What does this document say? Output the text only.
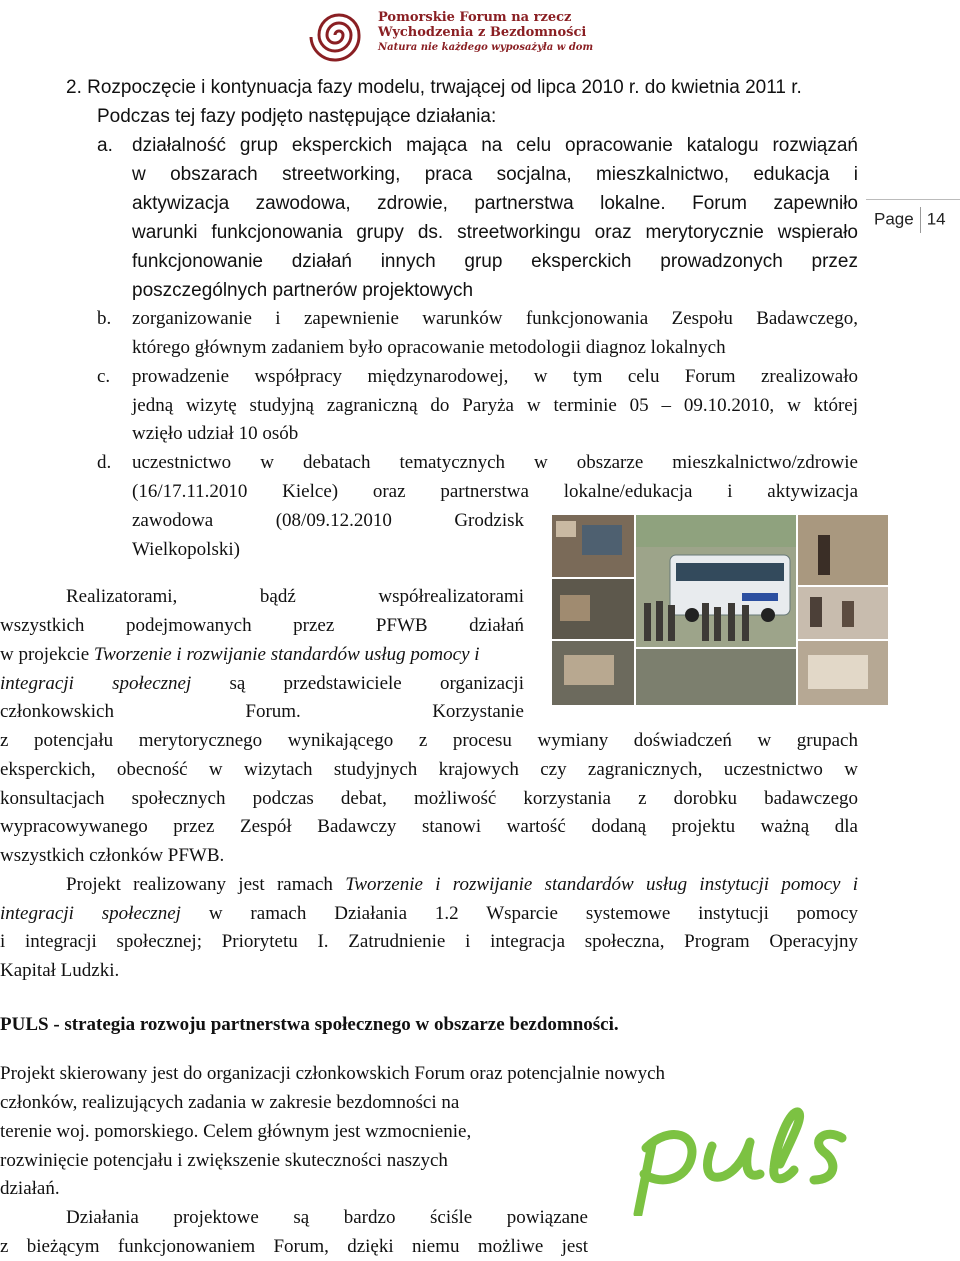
Pomorskie Forum na rzecz
Wychodzenia z Bezdomności
Natura nie każdego wyposażyła w dom
Page 14
2. Rozpoczęcie i kontynuacja fazy modelu, trwającej od lipca 2010 r. do kwietnia 2011 r.
Podczas tej fazy podjęto następujące działania:
a. działalność grup eksperckich mająca na celu opracowanie katalogu rozwiązań
w obszarach streetworking, praca socjalna, mieszkalnictwo, edukacja i
aktywizacja zawodowa, zdrowie, partnerstwa lokalne. Forum zapewniło
warunki funkcjonowania grupy ds. streetworkingu oraz merytorycznie wspierało
funkcjonowanie działań innych grup eksperckich prowadzonych przez
poszczególnych partnerów projektowych
b. zorganizowanie i zapewnienie warunków funkcjonowania Zespołu Badawczego,
którego głównym zadaniem było opracowanie metodologii diagnoz lokalnych
c. prowadzenie współpracy międzynarodowej, w tym celu Forum zrealizowało
jedną wizytę studyjną zagraniczną do Paryża w terminie 05 – 09.10.2010, w której
wzięło udział 10 osób
d. uczestnictwo w debatach tematycznych w obszarze mieszkalnictwo/zdrowie
(16/17.11.2010 Kielce) oraz partnerstwa lokalne/edukacja i aktywizacja
zawodowa (08/09.12.2010 Grodzisk
Wielkopolski)
Realizatorami, bądź współrealizatorami
wszystkich podejmowanych przez PFWB działań
w projekcie Tworzenie i rozwijanie standardów usług pomocy i
integracji społecznej są przedstawiciele organizacji
członkowskich Forum. Korzystanie
z potencjału merytorycznego wynikającego z procesu wymiany doświadczeń w grupach
eksperckich, obecność w wizytach studyjnych krajowych czy zagranicznych, uczestnictwo w
konsultacjach społecznych podczas debat, możliwość korzystania z dorobku badawczego
wypracowywanego przez Zespół Badawczy stanowi wartość dodaną projektu ważną dla
wszystkich członków PFWB.
Projekt realizowany jest ramach Tworzenie i rozwijanie standardów usług instytucji pomocy i
integracji społecznej w ramach Działania 1.2 Wsparcie systemowe instytucji pomocy
i integracji społecznej; Priorytetu I. Zatrudnienie i integracja społeczna, Program Operacyjny
Kapitał Ludzki.
PULS - strategia rozwoju partnerstwa społecznego w obszarze bezdomności.
Projekt skierowany jest do organizacji członkowskich Forum oraz potencjalnie nowych
członków, realizujących zadania w zakresie bezdomności na
terenie woj. pomorskiego. Celem głównym jest wzmocnienie,
rozwinięcie potencjału i zwiększenie skuteczności naszych
działań.
Działania projektowe są bardzo ściśle powiązane
z bieżącym funkcjonowaniem Forum, dzięki niemu możliwe jest
